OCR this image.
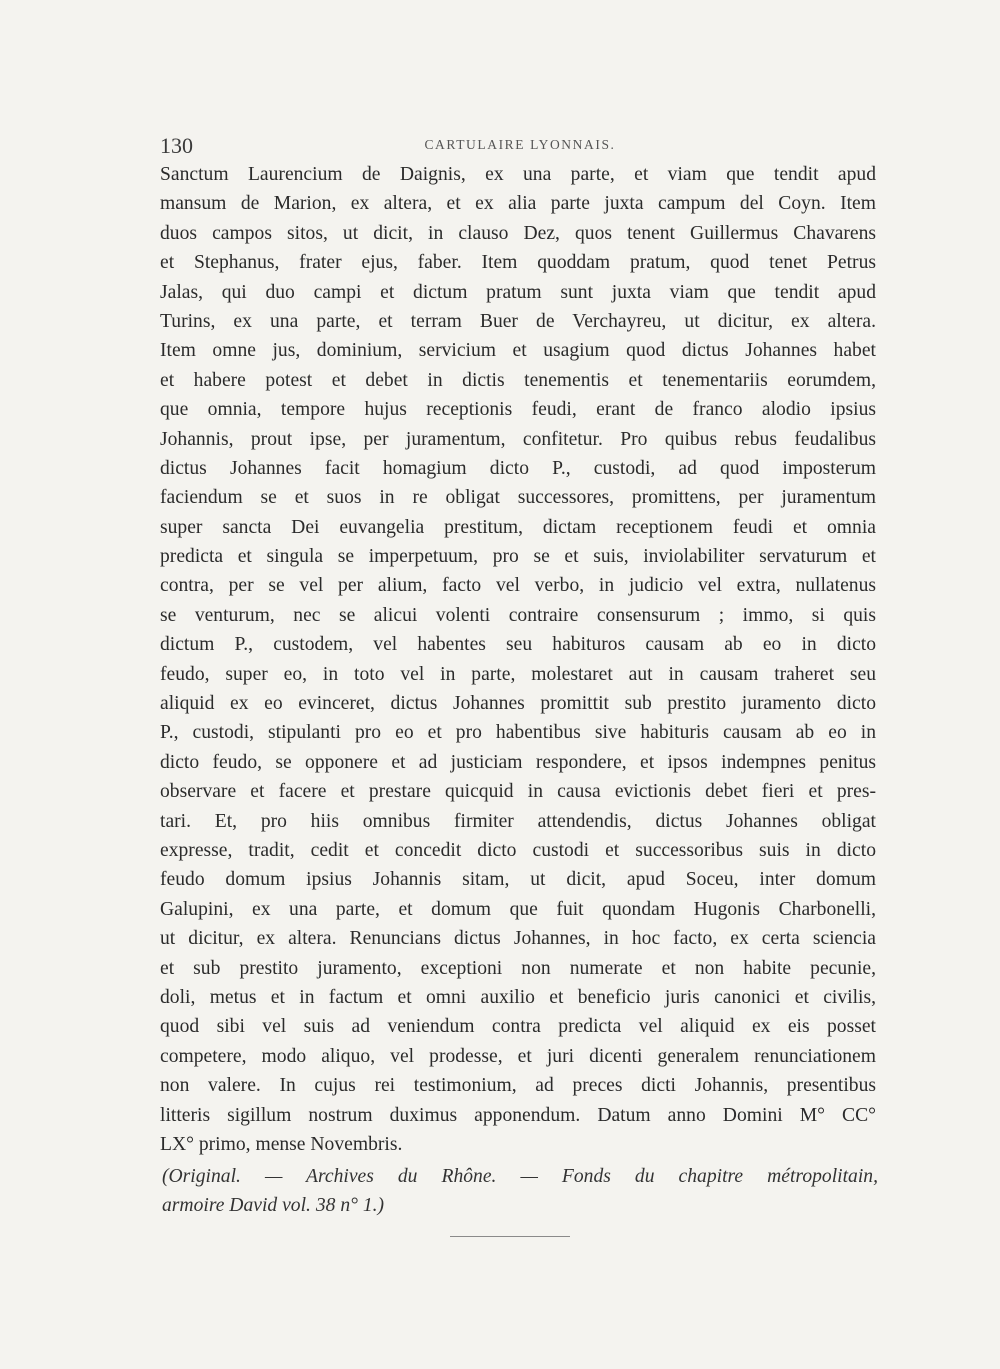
130	CARTULAIRE LYONNAIS.
Sanctum Laurencium de Daignis, ex una parte, et viam que tendit apud
mansum de Marion, ex altera, et ex alia parte juxta campum del Coyn. Item
duos campos sitos, ut dicit, in clauso Dez, quos tenent Guillermus Chavarens
et Stephanus, frater ejus, faber. Item quoddam pratum, quod tenet Petrus
Jalas, qui duo campi et dictum pratum sunt juxta viam que tendit apud
Turins, ex una parte, et terram Buer de Verchayreu, ut dicitur, ex altera.
Item omne jus, dominium, servicium et usagium quod dictus Johannes habet
et habere potest et debet in dictis tenementis et tenementariis eorumdem,
que omnia, tempore hujus receptionis feudi, erant de franco alodio ipsius
Johannis, prout ipse, per juramentum, confitetur. Pro quibus rebus feudalibus
dictus Johannes facit homagium dicto P., custodi, ad quod imposterum
faciendum se et suos in re obligat successores, promittens, per juramentum
super sancta Dei euvangelia prestitum, dictam receptionem feudi et omnia
predicta et singula se imperpetuum, pro se et suis, inviolabiliter servaturum et
contra, per se vel per alium, facto vel verbo, in judicio vel extra, nullatenus
se venturum, nec se alicui volenti contraire consensurum ; immo, si quis
dictum P., custodem, vel habentes seu habituros causam ab eo in dicto
feudo, super eo, in toto vel in parte, molestaret aut in causam traheret seu
aliquid ex eo evinceret, dictus Johannes promittit sub prestito juramento dicto
P., custodi, stipulanti pro eo et pro habentibus sive habituris causam ab eo in
dicto feudo, se opponere et ad justiciam respondere, et ipsos indempnes penitus
observare et facere et prestare quicquid in causa evictionis debet fieri et pres-
tari. Et, pro hiis omnibus firmiter attendendis, dictus Johannes obligat
expresse, tradit, cedit et concedit dicto custodi et successoribus suis in dicto
feudo domum ipsius Johannis sitam, ut dicit, apud Soceu, inter domum
Galupini, ex una parte, et domum que fuit quondam Hugonis Charbonelli,
ut dicitur, ex altera. Renuncians dictus Johannes, in hoc facto, ex certa sciencia
et sub prestito juramento, exceptioni non numerate et non habite pecunie,
doli, metus et in factum et omni auxilio et beneficio juris canonici et civilis,
quod sibi vel suis ad veniendum contra predicta vel aliquid ex eis posset
competere, modo aliquo, vel prodesse, et juri dicenti generalem renunciationem
non valere. In cujus rei testimonium, ad preces dicti Johannis, presentibus
litteris sigillum nostrum duximus apponendum. Datum anno Domini M° CC°
LX° primo, mense Novembris.
(Original. — Archives du Rhône. — Fonds du chapitre métropolitain,
armoire David vol. 38 n° 1.)
